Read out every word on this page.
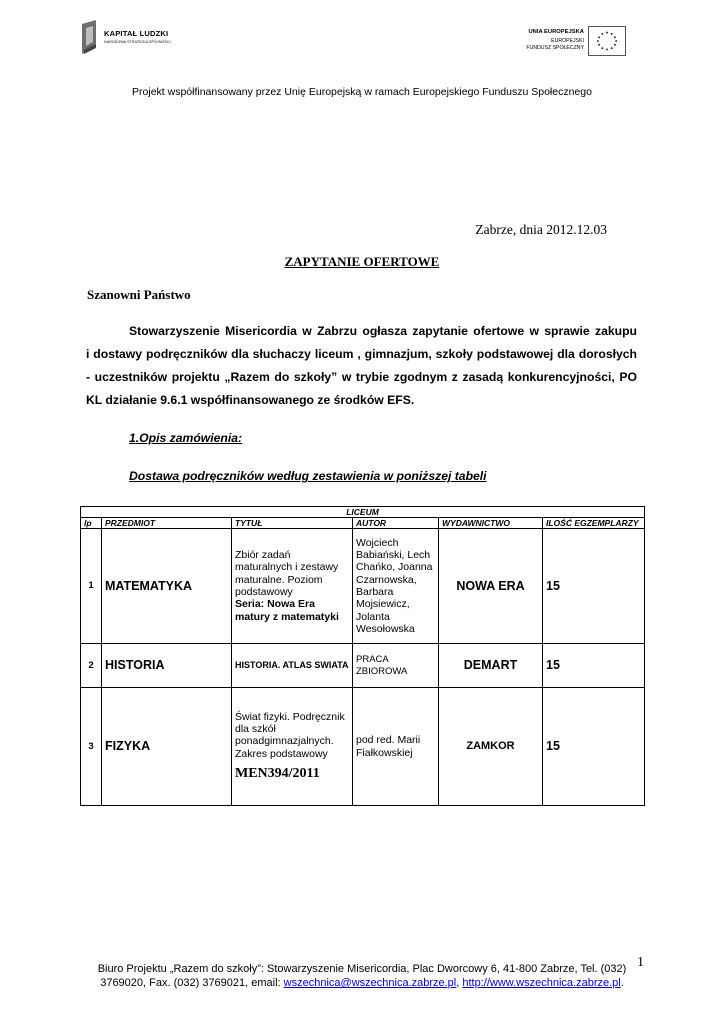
KAPITAŁ LUDZKI
NARODOWA STRATEGIA SPÓJNOŚCI
UNIA EUROPEJSKA
EUROPEJSKI
FUNDUSZ SPOŁECZNY
Projekt współfinansowany przez Unię Europejską w ramach Europejskiego Funduszu Społecznego
Zabrze, dnia 2012.12.03
ZAPYTANIE OFERTOWE
Szanowni Państwo
Stowarzyszenie Misericordia w Zabrzu ogłasza zapytanie ofertowe w sprawie zakupu
i dostawy podręczników dla słuchaczy liceum , gimnazjum, szkoły podstawowej dla dorosłych
- uczestników projektu „Razem do szkoły” w trybie zgodnym z zasadą konkurencyjności, PO
KL działanie 9.6.1 współfinansowanego ze środków EFS.
1.Opis zamówienia:
Dostawa podręczników według zestawienia w poniższej tabeli
LICEUM					
lp	PRZEDMIOT	TYTUŁ	AUTOR	WYDAWNICTWO	ILOŚĆ EGZEMPLARZY
1	MATEMATYKA	Zbiór zadań maturalnych i zestawy maturalne. Poziom podstawowy
Seria: Nowa Era matury z matematyki	Wojciech Babiański, Lech Chańko, Joanna Czarnowska, Barbara Mojsiewicz, Jolanta Wesołowska	NOWA ERA	15
2	HISTORIA	HISTORIA. ATLAS SWIATA	PRACA ZBIOROWA	DEMART	15
3	FIZYKA	Świat fizyki. Podręcznik dla szkół ponadgimnazjalnych. Zakres podstawowy
MEN394/2011	pod red. Marii Fiałkowskiej	ZAMKOR	15
1
Biuro Projektu „Razem do szkoły”: Stowarzyszenie Misericordia, Plac Dworcowy 6, 41-800 Zabrze, Tel. (032)
3769020, Fax. (032) 3769021, email: wszechnica@wszechnica.zabrze.pl, http://www.wszechnica.zabrze.pl.
